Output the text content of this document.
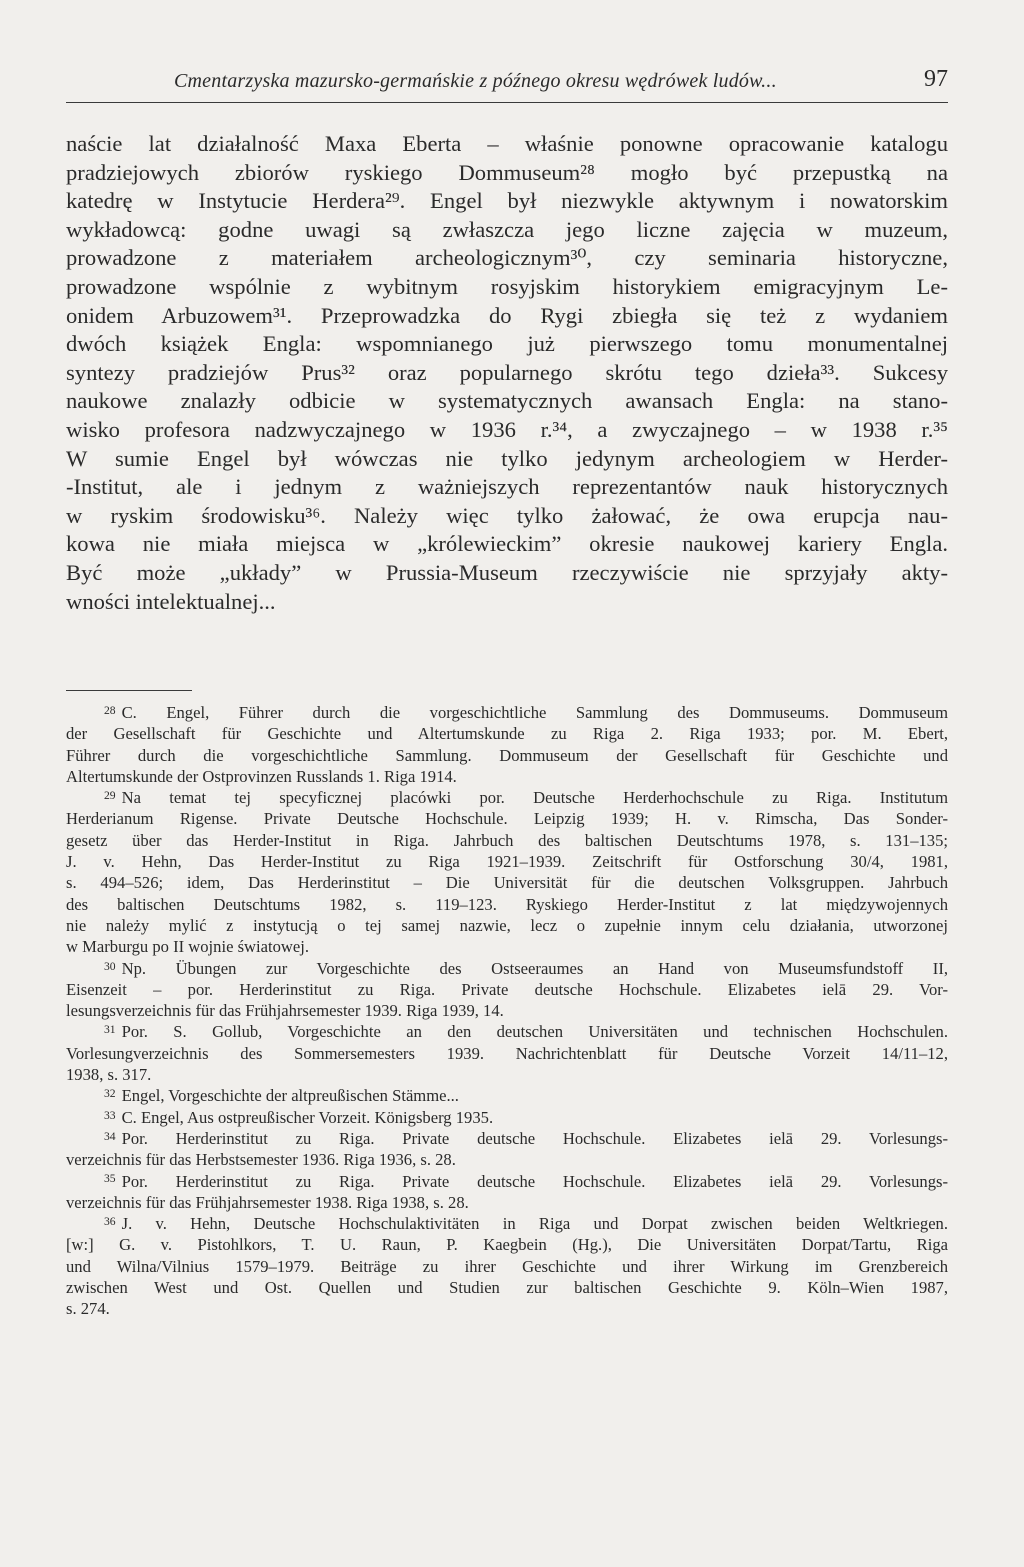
Cmentarzyska mazursko-germańskie z późnego okresu wędrówek ludów...	97
naście lat działalność Maxa Eberta – właśnie ponowne opracowanie katalogu
pradziejowych zbiorów ryskiego Dommuseum²⁸ mogło być przepustką na
katedrę w Instytucie Herdera²⁹. Engel był niezwykle aktywnym i nowatorskim
wykładowcą: godne uwagi są zwłaszcza jego liczne zajęcia w muzeum,
prowadzone z materiałem archeologicznym³⁰, czy seminaria historyczne,
prowadzone wspólnie z wybitnym rosyjskim historykiem emigracyjnym Le-
onidem Arbuzowem³¹. Przeprowadzka do Rygi zbiegła się też z wydaniem
dwóch książek Engla: wspomnianego już pierwszego tomu monumentalnej
syntezy pradziejów Prus³² oraz popularnego skrótu tego dzieła³³. Sukcesy
naukowe znalazły odbicie w systematycznych awansach Engla: na stano-
wisko profesora nadzwyczajnego w 1936 r.³⁴, a zwyczajnego – w 1938 r.³⁵
W sumie Engel był wówczas nie tylko jedynym archeologiem w Herder-
-Institut, ale i jednym z ważniejszych reprezentantów nauk historycznych
w ryskim środowisku³⁶. Należy więc tylko żałować, że owa erupcja nau-
kowa nie miała miejsca w „królewieckim” okresie naukowej kariery Engla.
Być może „układy” w Prussia-Museum rzeczywiście nie sprzyjały akty-
wności intelektualnej...
$^{28}$ C. Engel, Führer durch die vorgeschichtliche Sammlung des Dommuseums. Dommuseum
der Gesellschaft für Geschichte und Altertumskunde zu Riga 2. Riga 1933; por. M. Ebert,
Führer durch die vorgeschichtliche Sammlung. Dommuseum der Gesellschaft für Geschichte und
Altertumskunde der Ostprovinzen Russlands 1. Riga 1914.
$^{29}$ Na temat tej specyficznej placówki por. Deutsche Herderhochschule zu Riga. Institutum
Herderianum Rigense. Private Deutsche Hochschule. Leipzig 1939; H. v. Rimscha, Das Sonder-
gesetz über das Herder-Institut in Riga. Jahrbuch des baltischen Deutschtums 1978, s. 131–135;
J. v. Hehn, Das Herder-Institut zu Riga 1921–1939. Zeitschrift für Ostforschung 30/4, 1981,
s. 494–526; idem, Das Herderinstitut – Die Universität für die deutschen Volksgruppen. Jahrbuch
des baltischen Deutschtums 1982, s. 119–123. Ryskiego Herder-Institut z lat międzywojennych
nie należy mylić z instytucją o tej samej nazwie, lecz o zupełnie innym celu działania, utworzonej
w Marburgu po II wojnie światowej.
$^{30}$ Np. Übungen zur Vorgeschichte des Ostseeraumes an Hand von Museumsfundstoff II,
Eisenzeit – por. Herderinstitut zu Riga. Private deutsche Hochschule. Elizabetes ielā 29. Vor-
lesungsverzeichnis für das Frühjahrsemester 1939. Riga 1939, 14.
$^{31}$ Por. S. Gollub, Vorgeschichte an den deutschen Universitäten und technischen Hochschulen.
Vorlesungverzeichnis des Sommersemesters 1939. Nachrichtenblatt für Deutsche Vorzeit 14/11–12,
1938, s. 317.
$^{32}$ Engel, Vorgeschichte der altpreußischen Stämme...
$^{33}$ C. Engel, Aus ostpreußischer Vorzeit. Königsberg 1935.
$^{34}$ Por. Herderinstitut zu Riga. Private deutsche Hochschule. Elizabetes ielā 29. Vorlesungs-
verzeichnis für das Herbstsemester 1936. Riga 1936, s. 28.
$^{35}$ Por. Herderinstitut zu Riga. Private deutsche Hochschule. Elizabetes ielā 29. Vorlesungs-
verzeichnis für das Frühjahrsemester 1938. Riga 1938, s. 28.
$^{36}$ J. v. Hehn, Deutsche Hochschulaktivitäten in Riga und Dorpat zwischen beiden Weltkriegen.
[w:] G. v. Pistohlkors, T. U. Raun, P. Kaegbein (Hg.), Die Universitäten Dorpat/Tartu, Riga
und Wilna/Vilnius 1579–1979. Beiträge zu ihrer Geschichte und ihrer Wirkung im Grenzbereich
zwischen West und Ost. Quellen und Studien zur baltischen Geschichte 9. Köln–Wien 1987,
s. 274.
